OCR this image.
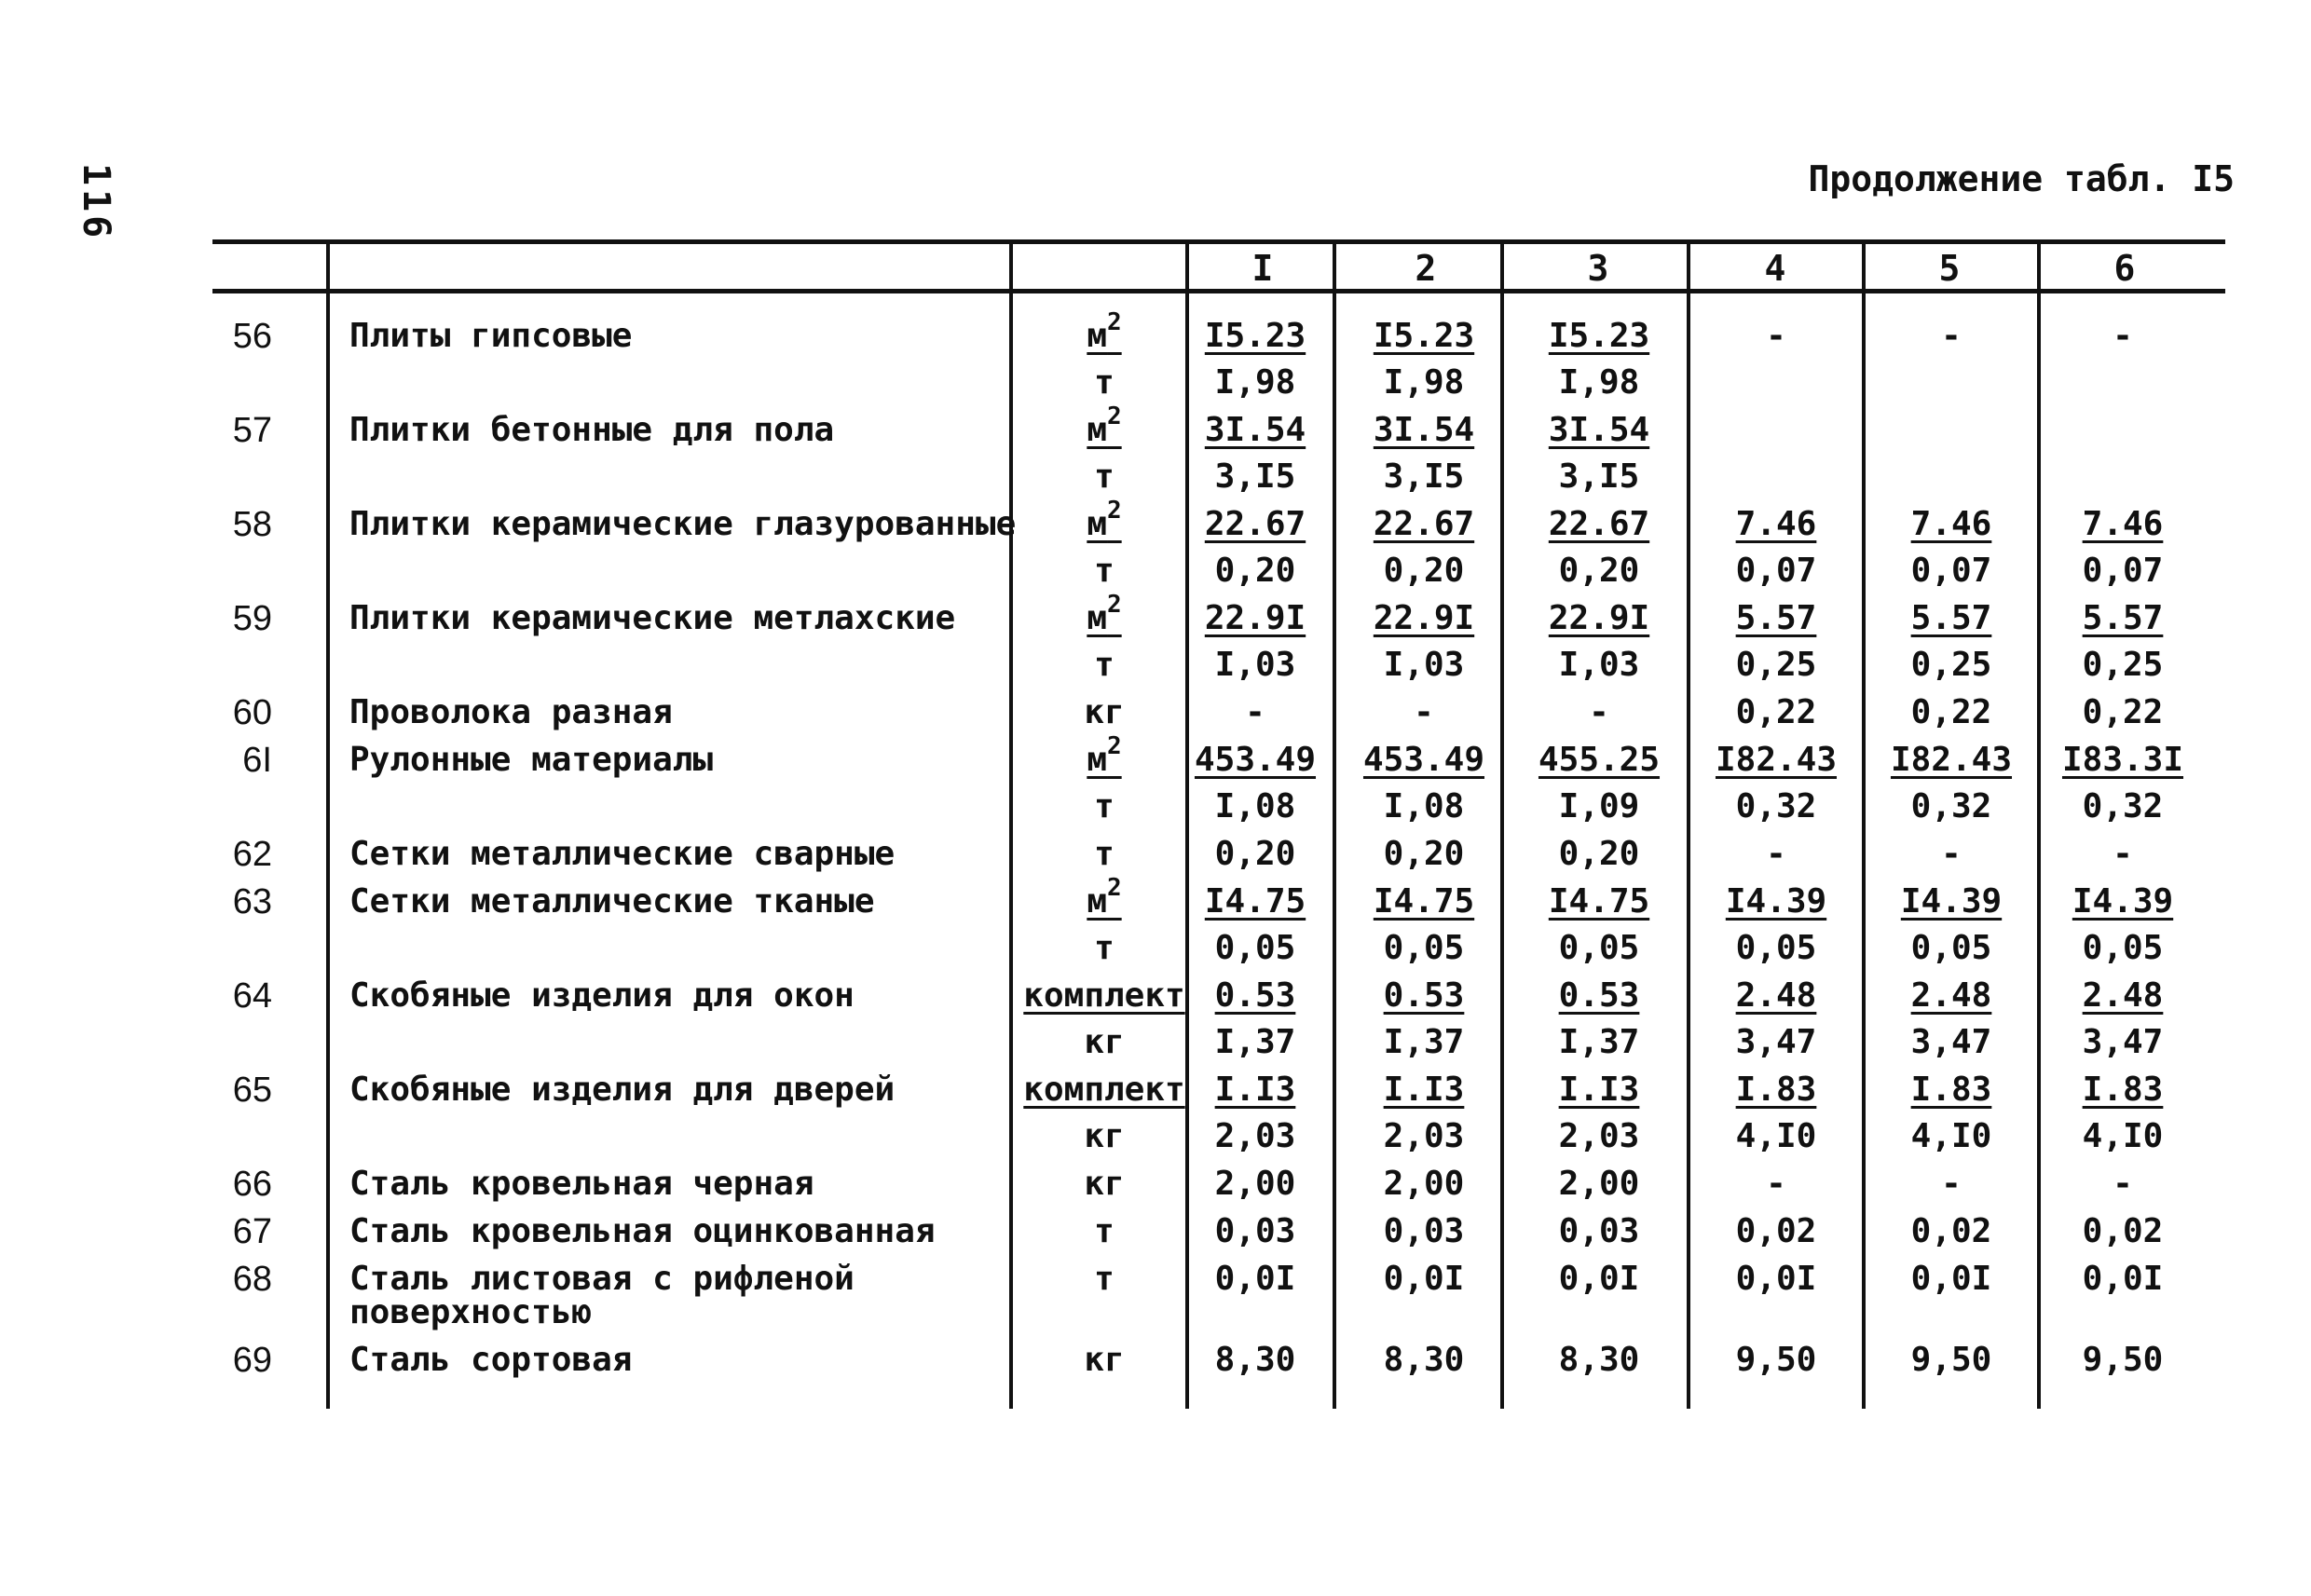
116	Продолжение табл. I5
I	2	3	4	5	6
56 Плиты гипсовые	$м^2$	I5.23	I5.23	I5.23	-	-	-
т	I,98	I,98	I,98
57 Плитки бетонные для пола	$м^2$	3I.54	3I.54	3I.54
т	3,I5	3,I5	3,I5
58 Плитки керамические глазурованные	$м^2$	22.67	22.67	22.67	7.46	7.46	7.46
т	0,20	0,20	0,20	0,07	0,07	0,07
59 Плитки керамические метлахские	$м^2$	22.9I	22.9I	22.9I	5.57	5.57	5.57
т	I,03	I,03	I,03	0,25	0,25	0,25
60 Проволока разная	кг	-	-	-	0,22	0,22	0,22
6I Рулонные материалы	$м^2$	453.49	453.49	455.25	I82.43	I82.43	I83.3I
т	I,08	I,08	I,09	0,32	0,32	0,32
62 Сетки металлические сварные	т	0,20	0,20	0,20	-	-	-
63 Сетки металлические тканые	$м^2$	I4.75	I4.75	I4.75	I4.39	I4.39	I4.39
т	0,05	0,05	0,05	0,05	0,05	0,05
64 Скобяные изделия для окон	комплект 0.53	0.53	0.53	2.48	2.48	2.48
кг	I,37	I,37	I,37	3,47	3,47	3,47
65 Скобяные изделия для дверей	комплект I.I3	I.I3	I.I3	I.83	I.83	I.83
кг	2,03	2,03	2,03	4,I0	4,I0	4,I0
66 Сталь кровельная черная	кг	2,00	2,00	2,00	-	-	-
67 Сталь кровельная оцинкованная	т	0,03	0,03	0,03	0,02	0,02	0,02
68 Сталь листовая с рифленой
поверхностью
т	0,0I	0,0I	0,0I	0,0I	0,0I	0,0I
69 Сталь сортовая	кг	8,30	8,30	8,30	9,50	9,50	9,50
